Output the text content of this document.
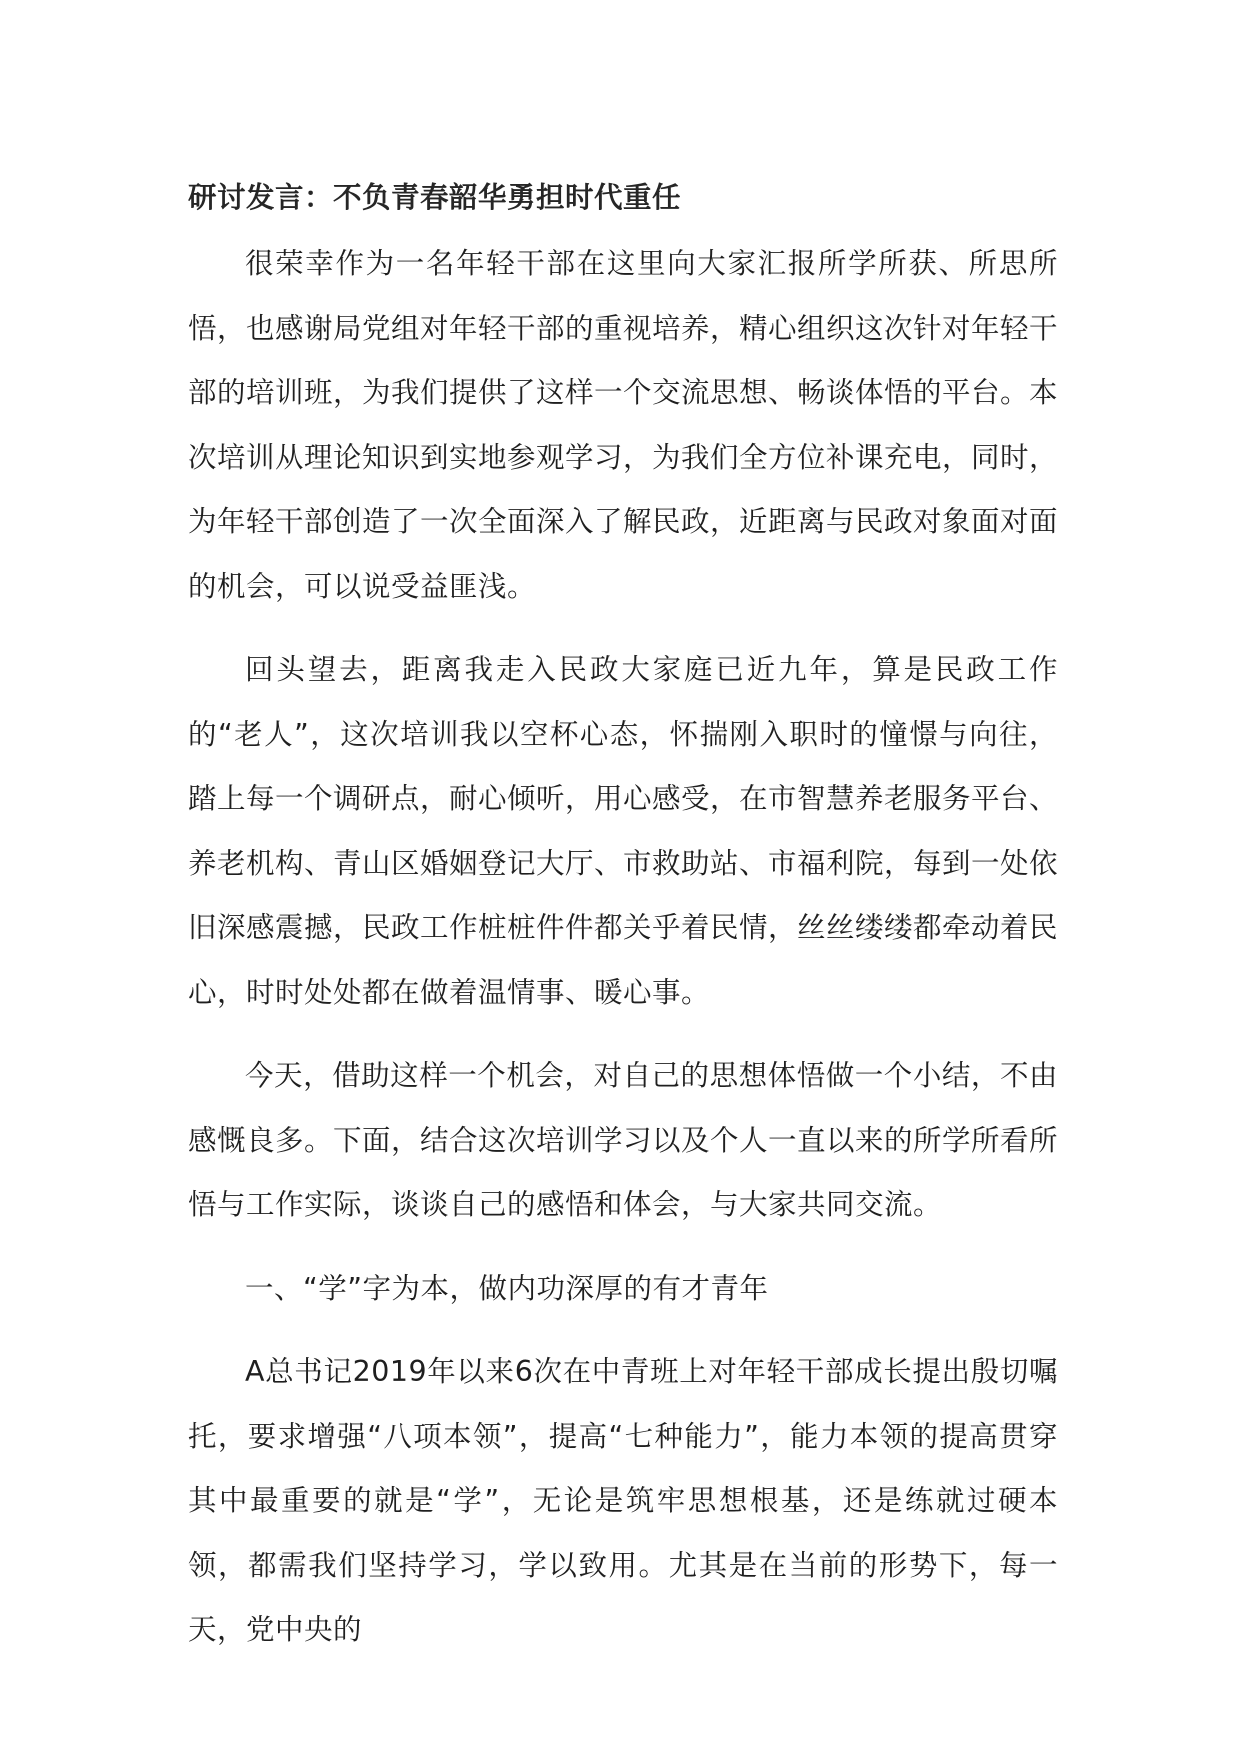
研讨发言：不负青春韶华勇担时代重任

很荣幸作为一名年轻干部在这里向大家汇报所学所获、所思所悟，也感谢局党组对年轻干部的重视培养，精心组织这次针对年轻干部的培训班，为我们提供了这样一个交流思想、畅谈体悟的平台。本次培训从理论知识到实地参观学习，为我们全方位补课充电，同时，为年轻干部创造了一次全面深入了解民政，近距离与民政对象面对面的机会，可以说受益匪浅。

回头望去，距离我走入民政大家庭已近九年，算是民政工作的“老人”，这次培训我以空杯心态，怀揣刚入职时的憧憬与向往，踏上每一个调研点，耐心倾听，用心感受，在市智慧养老服务平台、养老机构、青山区婚姻登记大厅、市救助站、市福利院，每到一处依旧深感震撼，民政工作桩桩件件都关乎着民情，丝丝缕缕都牵动着民心，时时处处都在做着温情事、暖心事。

今天，借助这样一个机会，对自己的思想体悟做一个小结，不由感慨良多。下面，结合这次培训学习以及个人一直以来的所学所看所悟与工作实际，谈谈自己的感悟和体会，与大家共同交流。

一、“学”字为本，做内功深厚的有才青年

A总书记2019年以来6次在中青班上对年轻干部成长提出殷切嘱托，要求增强“八项本领”，提高“七种能力”，能力本领的提高贯穿其中最重要的就是“学”，无论是筑牢思想根基，还是练就过硬本领，都需我们坚持学习，学以致用。尤其是在当前的形势下，每一天，党中央的
